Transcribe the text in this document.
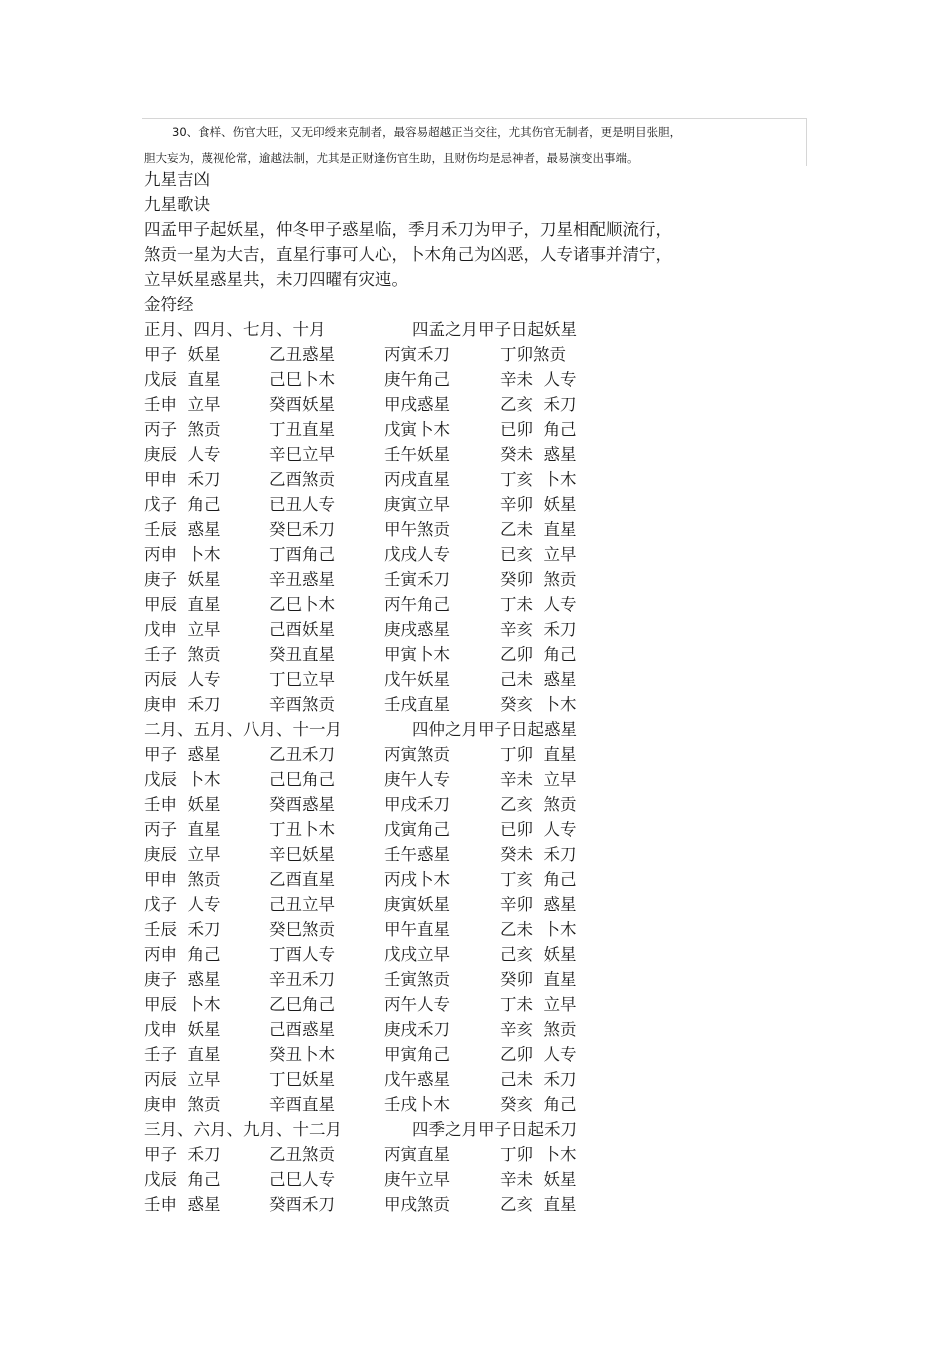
30、食样、伤官大旺，又无印绶来克制者，最容易超越正当交往，尤其伤官无制者，更是明目张胆，

胆大妄为，蔑视伦常，逾越法制，尤其是正财逢伤官生助，且财伤均是忌神者，最易演变出事端。

九星吉凶
九星歌诀
四孟甲子起妖星，仲冬甲子惑星临，季月禾刀为甲子，刀星相配顺流行，
煞贡一星为大吉，直星行事可人心，卜木角己为凶恶，人专诸事并清宁，
立早妖星惑星共，未刀四曜有灾迍。
金符经
正月、四月、七月、十月	四孟之月甲子日起妖星
甲子  妖星	乙丑惑星	丙寅禾刀	丁卯煞贡
戊辰  直星	己巳卜木	庚午角己	辛未  人专
壬申  立早	癸酉妖星	甲戌惑星	乙亥  禾刀
丙子  煞贡	丁丑直星	戊寅卜木	已卯  角己
庚辰  人专	辛巳立早	壬午妖星	癸未  惑星
甲申  禾刀	乙酉煞贡	丙戌直星	丁亥  卜木
戊子  角己	已丑人专	庚寅立早	辛卯  妖星
壬辰  惑星	癸巳禾刀	甲午煞贡	乙未  直星
丙申  卜木	丁酉角己	戊戌人专	已亥  立早
庚子  妖星	辛丑惑星	壬寅禾刀	癸卯  煞贡
甲辰  直星	乙巳卜木	丙午角己	丁未  人专
戊申  立早	己酉妖星	庚戌惑星	辛亥  禾刀
壬子  煞贡	癸丑直星	甲寅卜木	乙卯  角己
丙辰  人专	丁巳立早	戊午妖星	己未  惑星
庚申  禾刀	辛酉煞贡	壬戌直星	癸亥  卜木
二月、五月、八月、十一月	四仲之月甲子日起惑星
甲子  惑星	乙丑禾刀	丙寅煞贡	丁卯  直星
戊辰  卜木	己巳角己	庚午人专	辛未  立早
壬申  妖星	癸酉惑星	甲戌禾刀	乙亥  煞贡
丙子  直星	丁丑卜木	戊寅角己	已卯  人专
庚辰  立早	辛巳妖星	壬午惑星	癸未  禾刀
甲申  煞贡	乙酉直星	丙戌卜木	丁亥  角己
戊子  人专	己丑立早	庚寅妖星	辛卯  惑星
壬辰  禾刀	癸巳煞贡	甲午直星	乙未  卜木
丙申  角己	丁酉人专	戊戌立早	己亥  妖星
庚子  惑星	辛丑禾刀	壬寅煞贡	癸卯  直星
甲辰  卜木	乙巳角己	丙午人专	丁未  立早
戊申  妖星	己酉惑星	庚戌禾刀	辛亥  煞贡
壬子  直星	癸丑卜木	甲寅角己	乙卯  人专
丙辰  立早	丁巳妖星	戊午惑星	己未  禾刀
庚申  煞贡	辛酉直星	壬戌卜木	癸亥  角己
三月、六月、九月、十二月	四季之月甲子日起禾刀
甲子  禾刀	乙丑煞贡	丙寅直星	丁卯  卜木
戊辰  角己	己巳人专	庚午立早	辛未  妖星
壬申  惑星	癸酉禾刀	甲戌煞贡	乙亥  直星
